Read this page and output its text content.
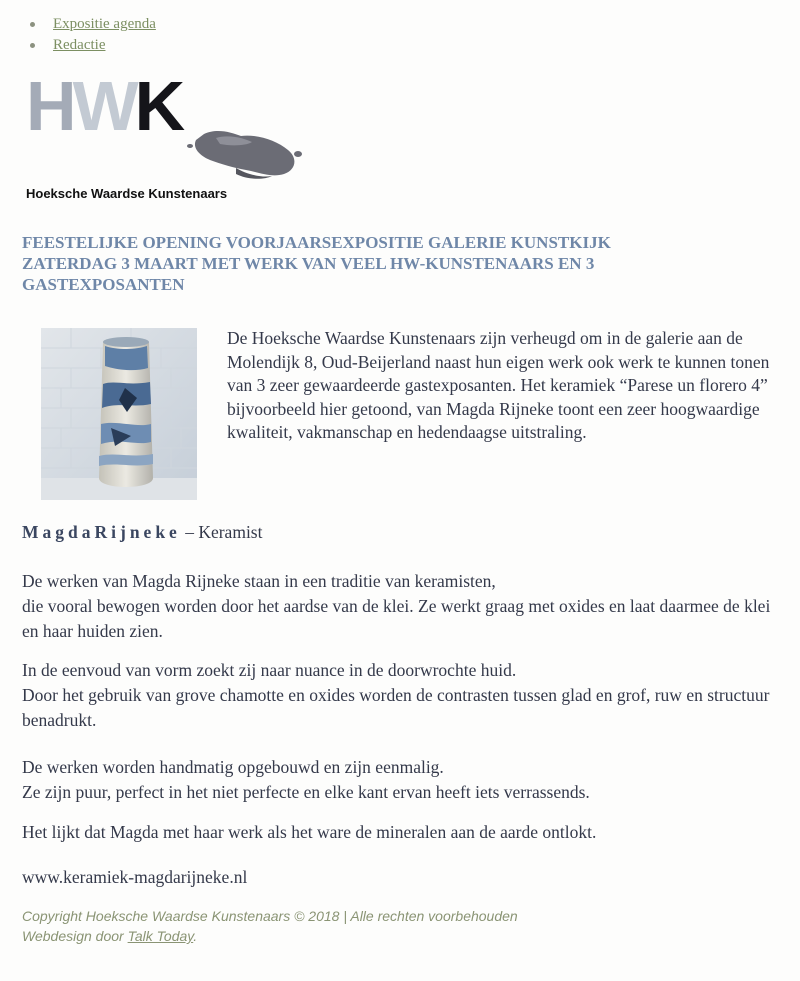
Expositie agenda
Redactie
H W K
Hoeksche Waardse Kunstenaars
FEESTELIJKE OPENING VOORJAARSEXPOSITIE GALERIE KUNSTKIJK
ZATERDAG 3 MAART MET WERK VAN VEEL HW-KUNSTENAARS EN 3
GASTEXPOSANTEN

De Hoeksche Waardse Kunstenaars zijn verheugd om in de galerie aan de Molendijk 8, Oud-Beijerland naast hun eigen werk ook werk te kunnen tonen van 3 zeer gewaardeerde gastexposanten. Het keramiek “Parese un florero 4” bijvoorbeeld hier getoond, van Magda Rijneke toont een zeer hoogwaardige kwaliteit, vakmanschap en hedendaagse uitstraling.

MagdaRijneke – Keramist

De werken van Magda Rijneke staan in een traditie van keramisten,
die vooral bewogen worden door het aardse van de klei. Ze werkt graag met oxides en laat daarmee de klei en haar huiden zien.

In de eenvoud van vorm zoekt zij naar nuance in de doorwrochte huid.
Door het gebruik van grove chamotte en oxides worden de contrasten tussen glad en grof, ruw en structuur benadrukt.

De werken worden handmatig opgebouwd en zijn eenmalig.
Ze zijn puur, perfect in het niet perfecte en elke kant ervan heeft iets verrassends.

Het lijkt dat Magda met haar werk als het ware de mineralen aan de aarde ontlokt.

www.keramiek-magdarijneke.nl

Copyright Hoeksche Waardse Kunstenaars © 2018 | Alle rechten voorbehouden
Webdesign door Talk Today.
